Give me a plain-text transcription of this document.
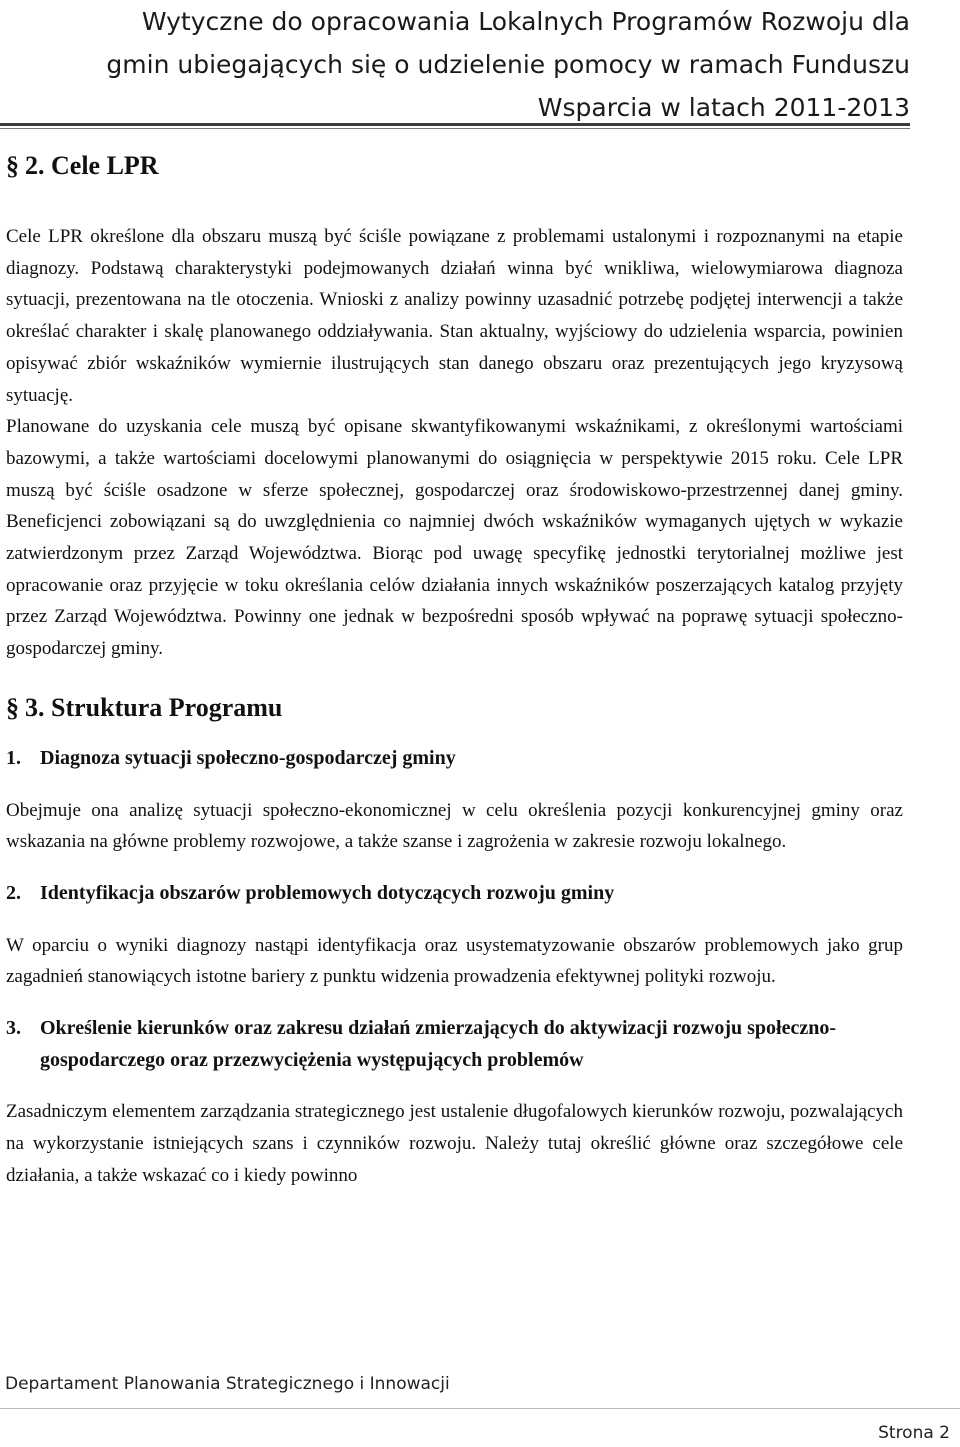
Wytyczne do opracowania Lokalnych Programów Rozwoju dla
gmin ubiegających się o udzielenie pomocy w ramach Funduszu
Wsparcia w latach 2011-2013
§ 2. Cele LPR

Cele LPR określone dla obszaru muszą być ściśle powiązane z problemami ustalonymi i rozpoznanymi na etapie diagnozy. Podstawą charakterystyki podejmowanych działań winna być wnikliwa, wielowymiarowa diagnoza sytuacji, prezentowana na tle otoczenia. Wnioski z analizy powinny uzasadnić potrzebę podjętej interwencji a także określać charakter i skalę planowanego oddziaływania. Stan aktualny, wyjściowy do udzielenia wsparcia, powinien opisywać zbiór wskaźników wymiernie ilustrujących stan danego obszaru oraz prezentujących jego kryzysową sytuację.

Planowane do uzyskania cele muszą być opisane skwantyfikowanymi wskaźnikami, z określonymi wartościami bazowymi, a także wartościami docelowymi planowanymi do osiągnięcia w perspektywie 2015 roku. Cele LPR muszą być ściśle osadzone w sferze społecznej, gospodarczej oraz środowiskowo-przestrzennej danej gminy. Beneficjenci zobowiązani są do uwzględnienia co najmniej dwóch wskaźników wymaganych ujętych w wykazie zatwierdzonym przez Zarząd Województwa. Biorąc pod uwagę specyfikę jednostki terytorialnej możliwe jest opracowanie oraz przyjęcie w toku określania celów działania innych wskaźników poszerzających katalog przyjęty przez Zarząd Województwa. Powinny one jednak w bezpośredni sposób wpływać na poprawę sytuacji społeczno-gospodarczej gminy.

§ 3. Struktura Programu
1. Diagnoza sytuacji społeczno-gospodarczej gminy

Obejmuje ona analizę sytuacji społeczno-ekonomicznej w celu określenia pozycji konkurencyjnej gminy oraz wskazania na główne problemy rozwojowe, a także szanse i zagrożenia w zakresie rozwoju lokalnego.

2. Identyfikacja obszarów problemowych dotyczących rozwoju gminy

W oparciu o wyniki diagnozy nastąpi identyfikacja oraz usystematyzowanie obszarów problemowych jako grup zagadnień stanowiących istotne bariery z punktu widzenia prowadzenia efektywnej polityki rozwoju.

3. Określenie kierunków oraz zakresu działań zmierzających do aktywizacji rozwoju społeczno-gospodarczego oraz przezwyciężenia występujących problemów

Zasadniczym elementem zarządzania strategicznego jest ustalenie długofalowych kierunków rozwoju, pozwalających na wykorzystanie istniejących szans i czynników rozwoju. Należy tutaj określić główne oraz szczegółowe cele działania, a także wskazać co i kiedy powinno

Departament Planowania Strategicznego i Innowacji
Strona 2
